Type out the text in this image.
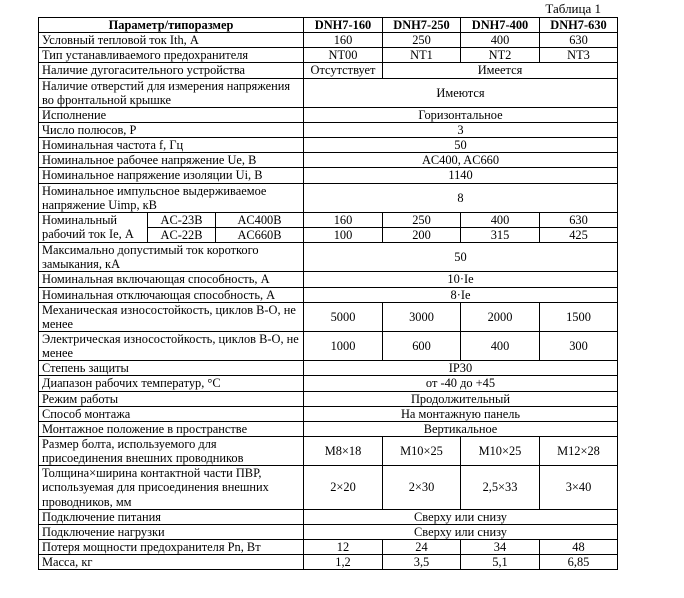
Таблица 1
Параметр/типоразмер			DNH7-160	DNH7-250	DNH7-400	DNH7-630
Условный тепловой ток Ith, А			160	250	400	630
Тип устанавливаемого предохранителя			NT00	NT1	NT2	NT3
Наличие дугогасительного устройства			Отсутствует	Имеется		
Наличие отверстий для измерения напряжения во фронтальной крышке			Имеются			
Исполнение			Горизонтальное			
Число полюсов, Р			3			
Номинальная частота f, Гц			50			
Номинальное рабочее напряжение Ue, В			AC400, AC660			
Номинальное напряжение изоляции Ui, В			1140			
Номинальное импульсное выдерживаемое напряжение Uimp, кВ			8			
Номинальный рабочий ток Ie, А	AC-23B	AC400B	160	250	400	630
	AC-22B	AC660B	100	200	315	425
Максимально допустимый ток короткого замыкания, кА			50			
Номинальная включающая способность, А			10·Ie			
Номинальная отключающая способность, А			8·Ie			
Механическая износостойкость, циклов В-О, не менее			5000	3000	2000	1500
Электрическая износостойкость, циклов В-О, не менее			1000	600	400	300
Степень защиты			IP30			
Диапазон рабочих температур, °С			от -40 до +45			
Режим работы			Продолжительный			
Способ монтажа			На монтажную панель			
Монтажное положение в пространстве			Вертикальное			
Размер болта, используемого для присоединения внешних проводников			M8×18	M10×25	M10×25	M12×28
Толщина×ширина контактной части ПВР, используемая для присоединения внешних проводников, мм			2×20	2×30	2,5×33	3×40
Подключение питания			Сверху или снизу			
Подключение нагрузки			Сверху или снизу			
Потеря мощности предохранителя Pn, Вт			12	24	34	48
Масса, кг			1,2	3,5	5,1	6,85
